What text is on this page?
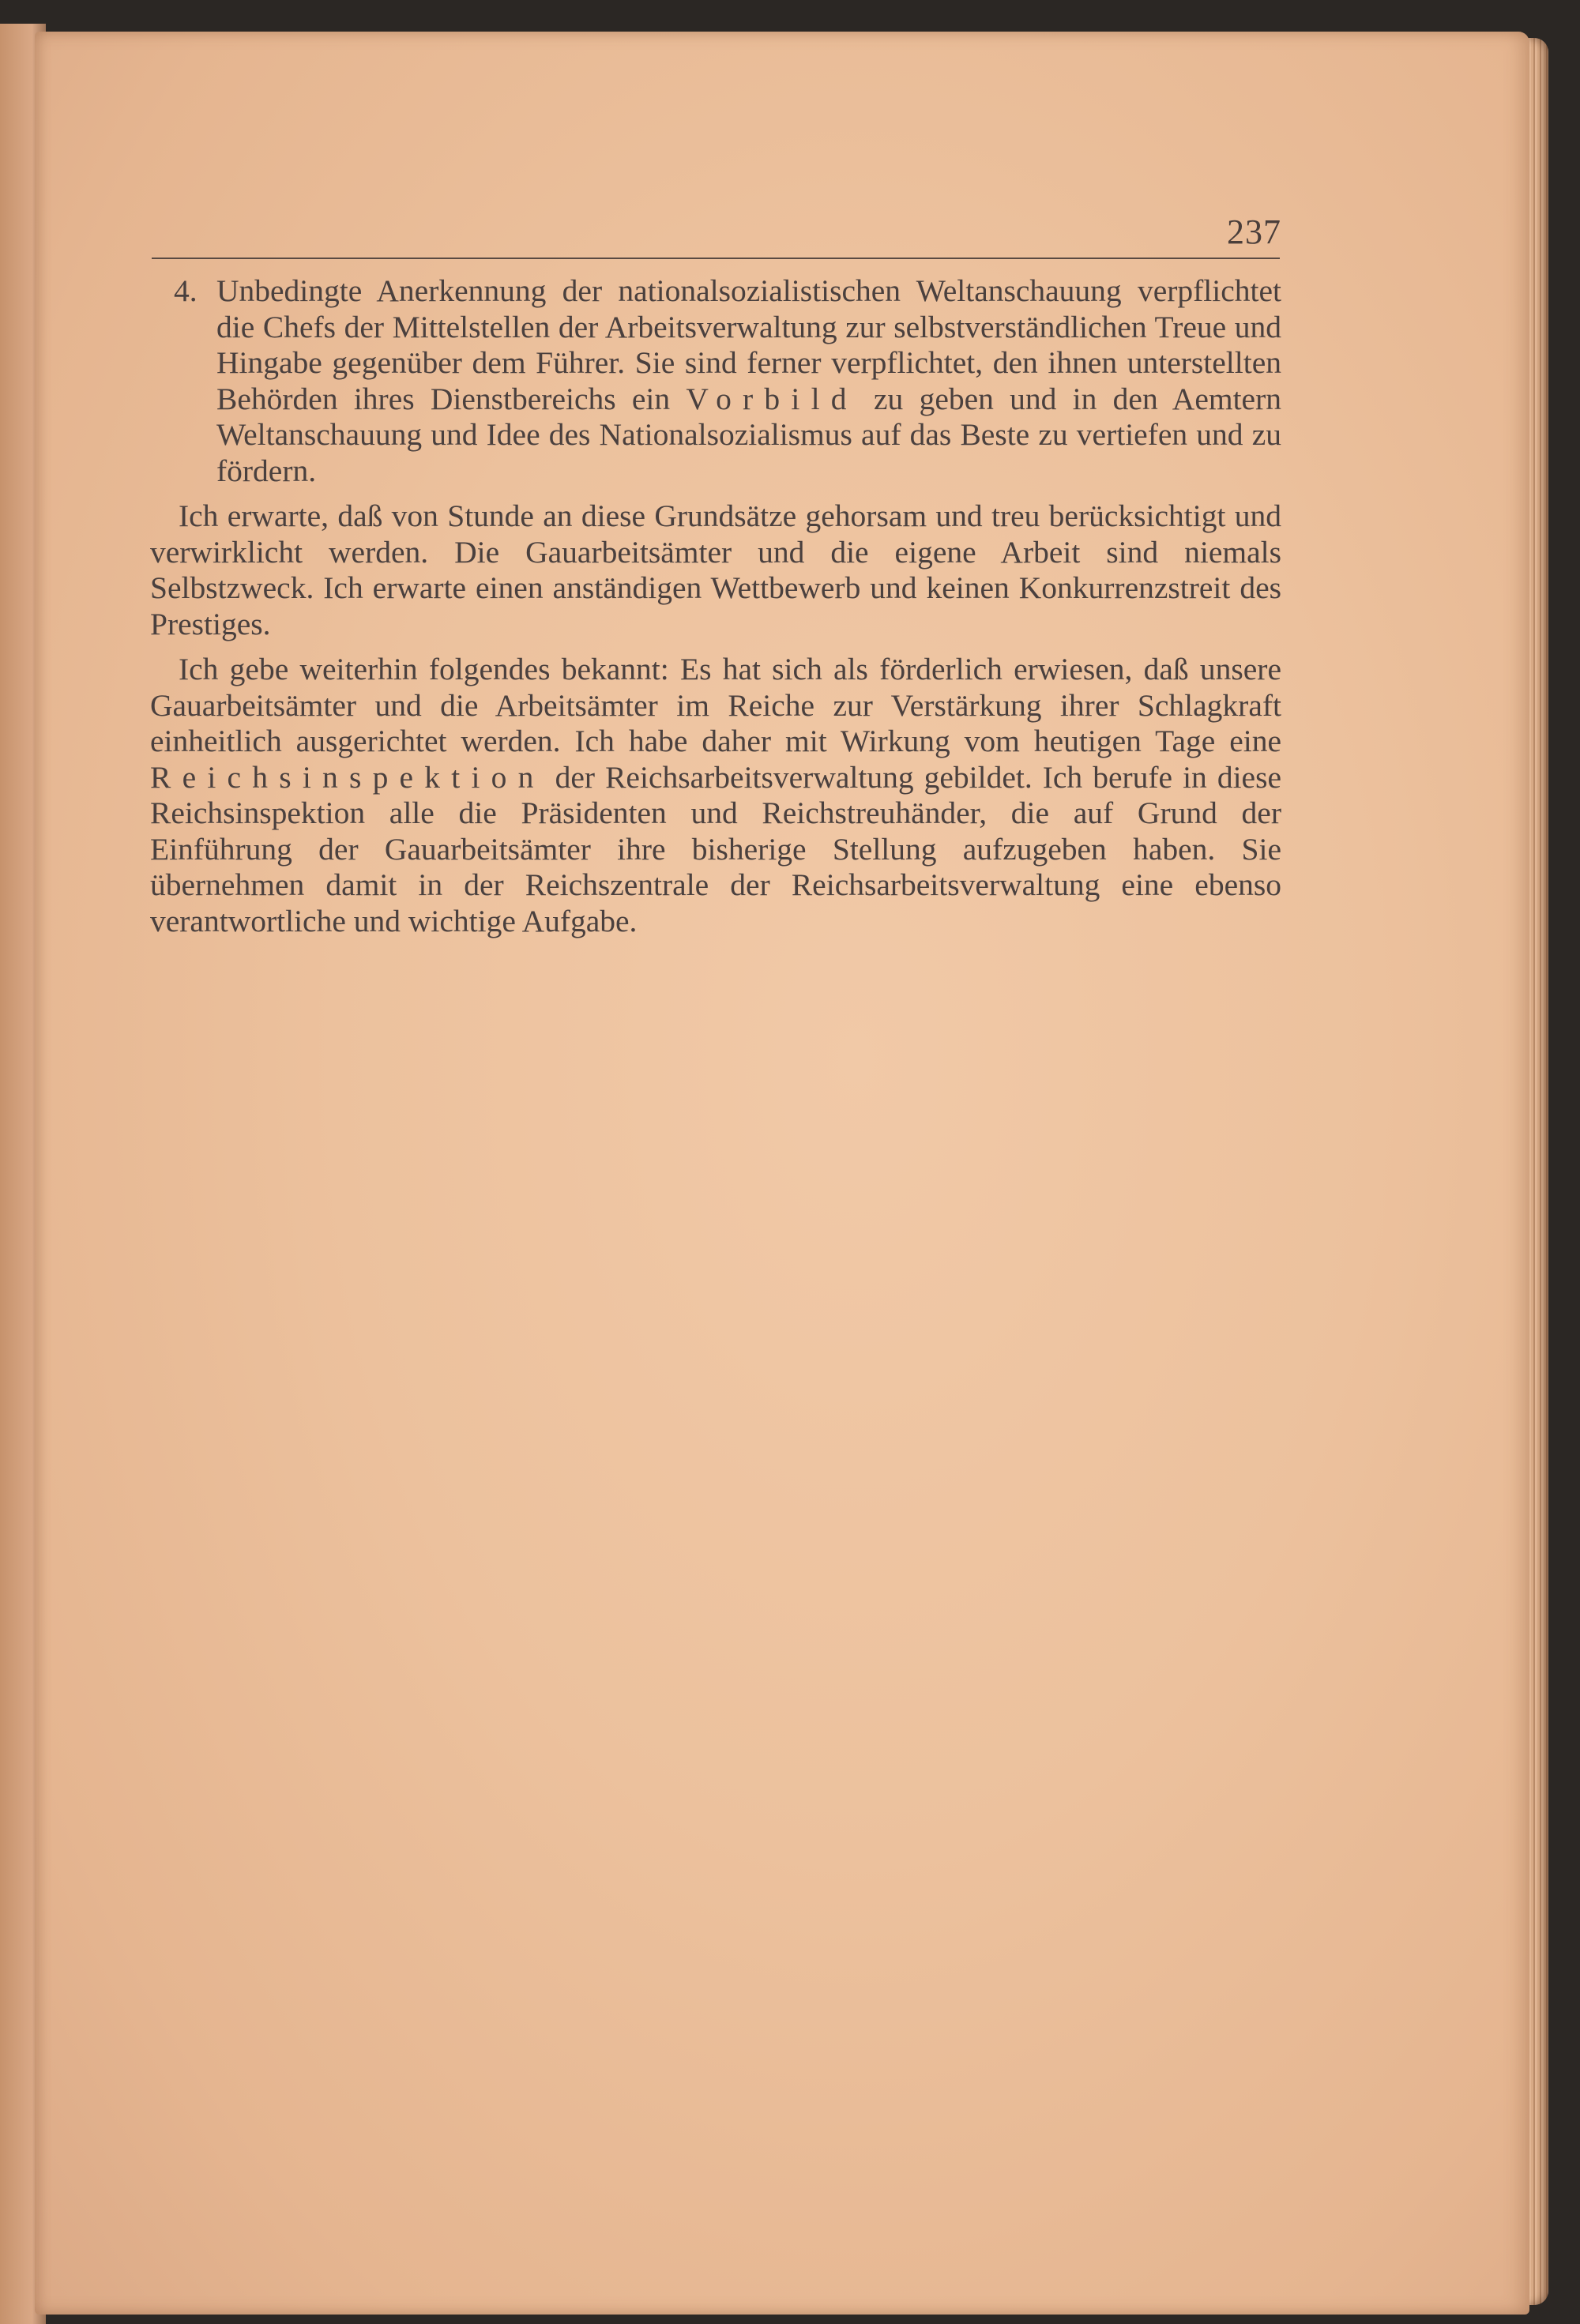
237

4. Unbedingte Anerkennung der nationalsozialistischen Weltanschauung verpflichtet die Chefs der Mittelstellen der Arbeitsverwaltung zur selbstverständlichen Treue und Hingabe gegenüber dem Führer. Sie sind ferner verpflichtet, den ihnen unterstellten Behörden ihres Dienstbereichs ein Vorbild zu geben und in den Aemtern Weltanschauung und Idee des Nationalsozialismus auf das Beste zu vertiefen und zu fördern.

Ich erwarte, daß von Stunde an diese Grundsätze gehorsam und treu berücksichtigt und verwirklicht werden. Die Gauarbeitsämter und die eigene Arbeit sind niemals Selbstzweck. Ich erwarte einen anständigen Wettbewerb und keinen Konkurrenzstreit des Prestiges.

Ich gebe weiterhin folgendes bekannt: Es hat sich als förderlich erwiesen, daß unsere Gauarbeitsämter und die Arbeitsämter im Reiche zur Verstärkung ihrer Schlagkraft einheitlich ausgerichtet werden. Ich habe daher mit Wirkung vom heutigen Tage eine Reichsinspektion der Reichsarbeitsverwaltung gebildet. Ich berufe in diese Reichsinspektion alle die Präsidenten und Reichstreuhänder, die auf Grund der Einführung der Gauarbeitsämter ihre bisherige Stellung aufzugeben haben. Sie übernehmen damit in der Reichszentrale der Reichsarbeitsverwaltung eine ebenso verantwortliche und wichtige Aufgabe.
